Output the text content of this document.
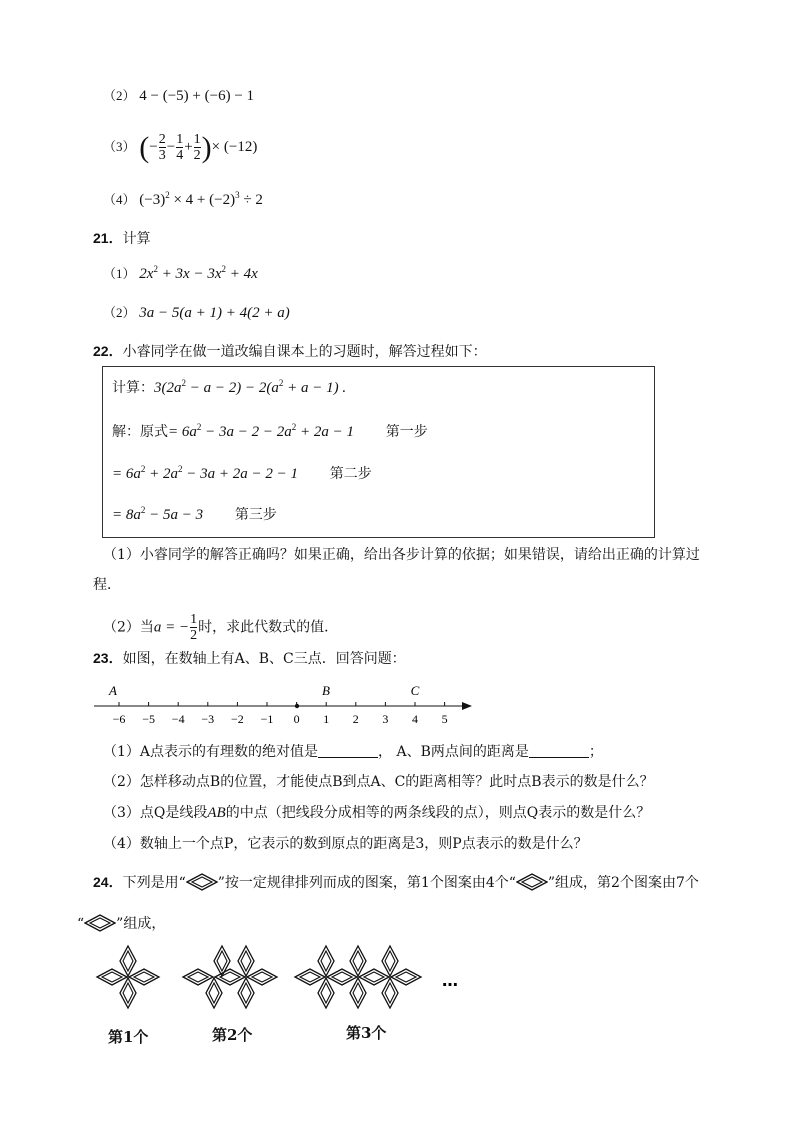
（2） 4 − (−5) + (−6) − 1
（3） (− $\frac{2}{3} - \frac{1}{4} + \frac{1}{2}$ )× (−12)
（4） $(-3)^2 \times 4 + (-2)^3 \div 2$
21．计算
（1） $2x^2 + 3x - 3x^2 + 4x$
（2） 3a − 5(a + 1) + 4(2 + a)
22．小睿同学在做一道改编自课本上的习题时，解答过程如下：
计算：$3(2a^2 - a - 2) - 2(a^2 + a - 1)$ .
解：原式= $6a^2 - 3a - 2 - 2a^2 + 2a - 1$ 第一步
= $6a^2 + 2a^2 - 3a + 2a - 2 - 1$ 第二步
= $8a^2 - 5a - 3$ 第三步
（1）小睿同学的解答正确吗？如果正确，给出各步计算的依据；如果错误，请给出正确的计算过
程．
（2）当a = − $\frac{1}{2}$ 时，求此代数式的值．
23．如图，在数轴上有A、B、C三点．回答问题：
−6 −5 −4 −3 −2 −1 0 1 2 3 4 5
A	B	C
（1）A点表示的有理数的绝对值是	， A、B两点间的距离是	；
（2）怎样移动点B的位置，才能使点B到点A、C的距离相等？此时点B表示的数是什么？
（3）点Q是线段AB的中点（把线段分成相等的两条线段的点），则点Q表示的数是什么？
（4）数轴上一个点P，它表示的数到原点的距离是3，则P点表示的数是什么？
24．下列是用“ ”按一定规律排列而成的图案，第1个图案由4个“ ”组成，第2个图案由7个
“ ”组成，
…
第1个	第2个	第3个
